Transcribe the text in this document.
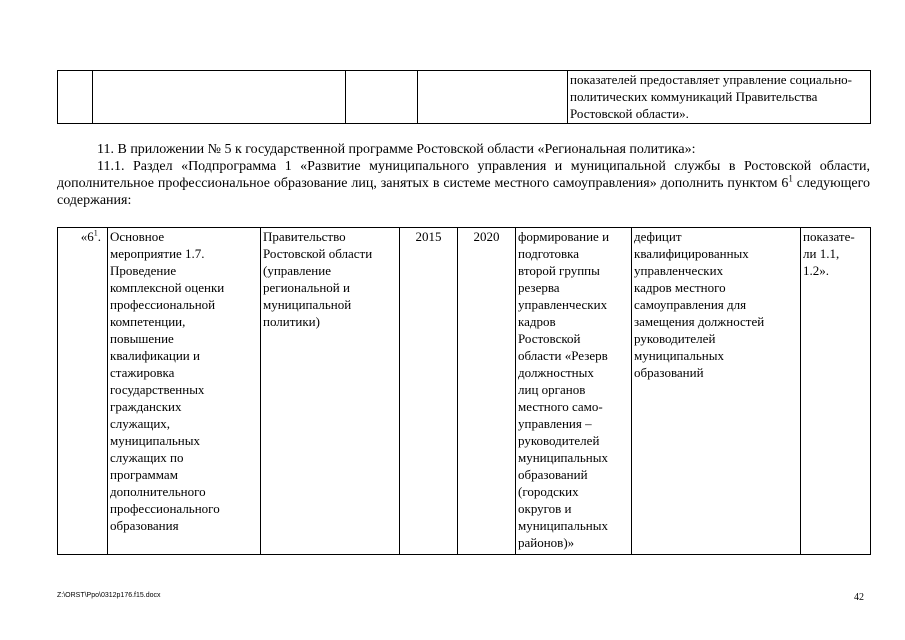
				показателей предоставляет управление социально-политических коммуникаций Правительства Ростовской области».
11. В приложении № 5 к государственной программе Ростовской области «Региональная политика»:
11.1. Раздел «Подпрограмма 1 «Развитие муниципального управления и муниципальной службы в Ростовской области, дополнительное профессиональное образование лиц, занятых в системе местного самоуправления» дополнить пунктом $6^1$ следующего содержания:
«$6^1$.	Основное
мероприятие 1.7.
Проведение
комплексной оценки
профессиональной
компетенции,
повышение
квалификации и
стажировка
государственных
гражданских
служащих,
муниципальных
служащих по
программам
дополнительного
профессионального
образования	Правительство
Ростовской области
(управление
региональной и
муниципальной
политики)	2015	2020	формирование и
подготовка
второй группы
резерва
управленческих
кадров
Ростовской
области «Резерв
должностных
лиц органов
местного само-
управления –
руководителей
муниципальных
образований
(городских
округов и
муниципальных
районов)»	дефицит
квалифицированных
управленческих
кадров местного
самоуправления для
замещения должностей
руководителей
муниципальных
образований	показате-
ли 1.1,
1.2».
Z:\ORST\Ppo\0312p176.f15.docx	42
